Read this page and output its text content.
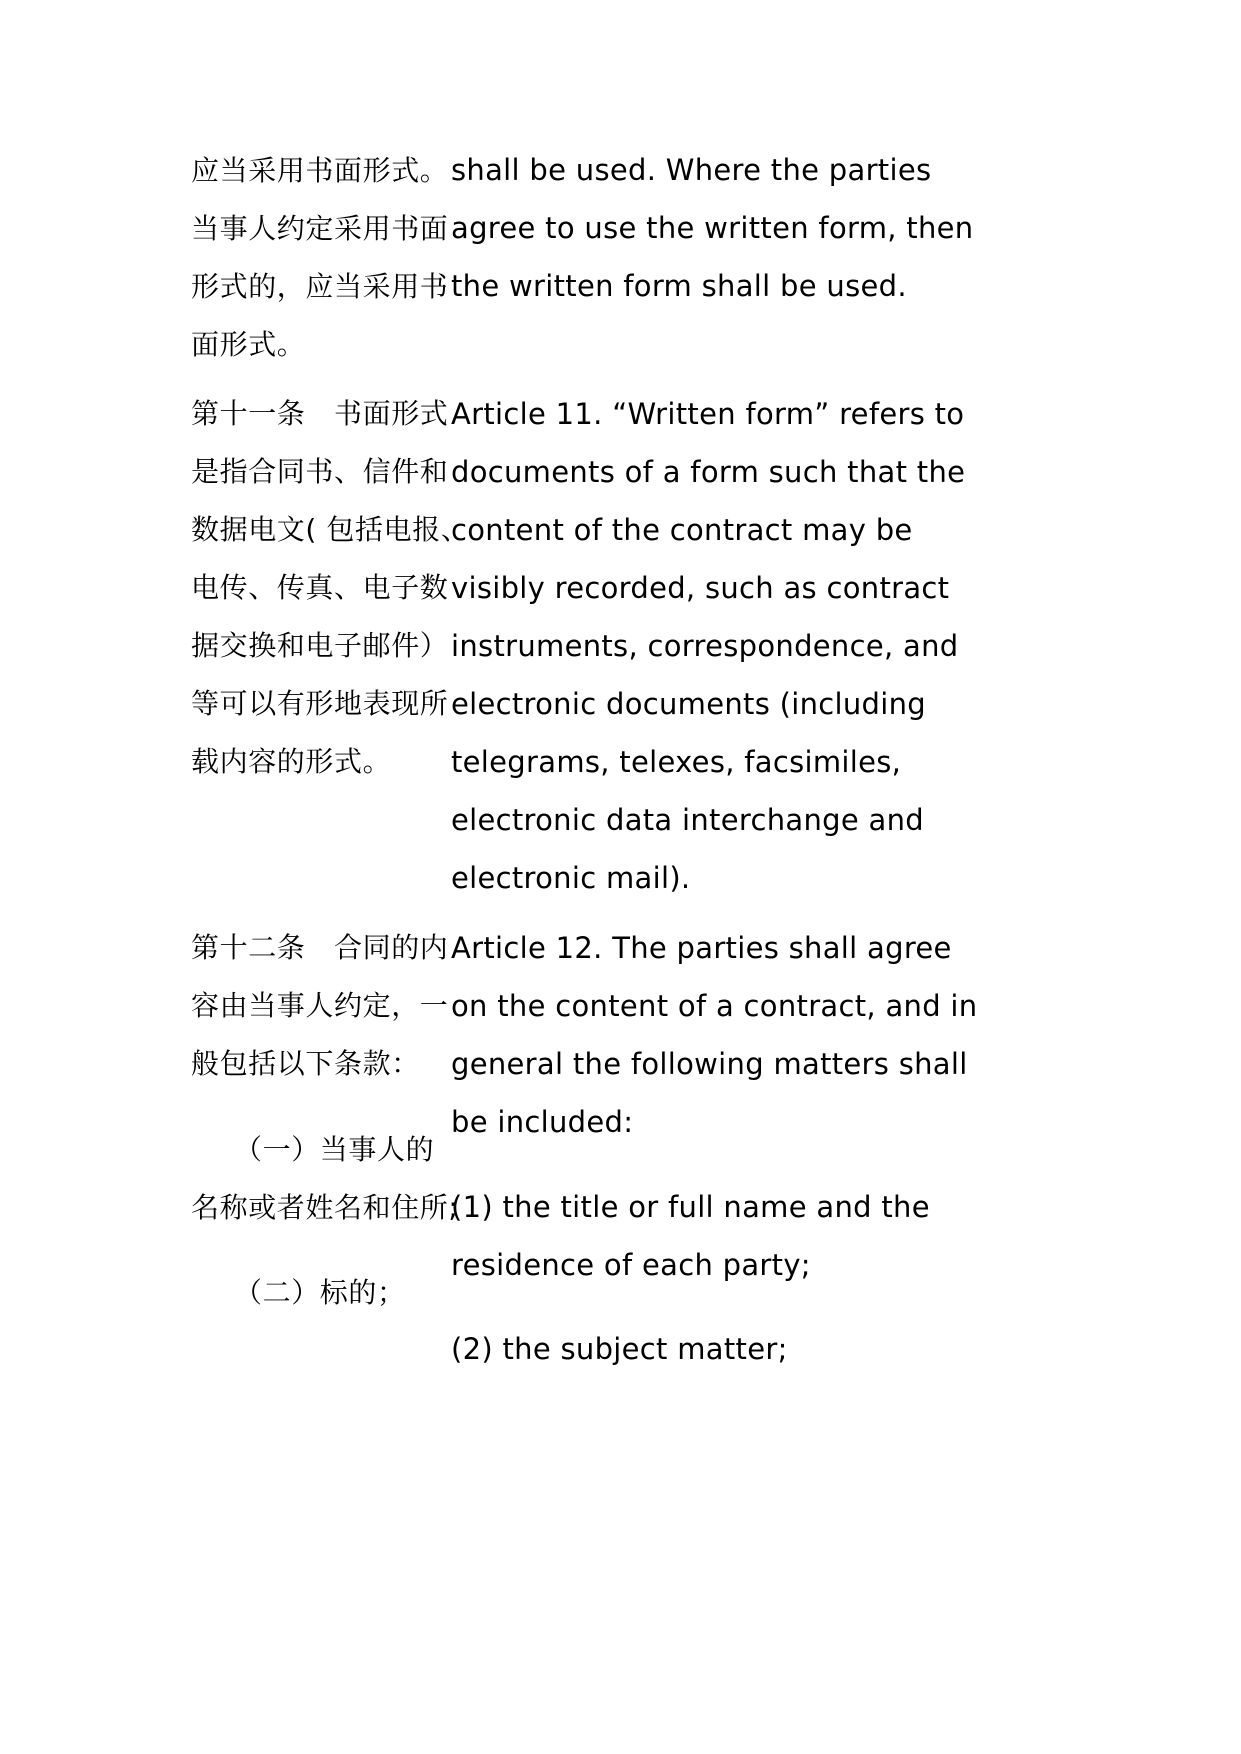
应当采用书面形式。
当事人约定采用书面
形式的，应当采用书
面形式。
第十一条　书面形式
是指合同书、信件和
数据电文( 包括电报、
电传、传真、电子数
据交换和电子邮件）
等可以有形地表现所
载内容的形式。
第十二条　合同的内
容由当事人约定，一
般包括以下条款：
（一）当事人的
名称或者姓名和住所;
（二）标的；
shall be used. Where the parties
agree to use the written form, then
the written form shall be used.
Article 11. “Written form” refers to
documents of a form such that the
content of the contract may be
visibly recorded, such as contract
instruments, correspondence, and
electronic documents (including
telegrams, telexes, facsimiles,
electronic data interchange and
electronic mail).
Article 12. The parties shall agree
on the content of a contract, and in
general the following matters shall
be included:
(1) the title or full name and the
residence of each party;
(2) the subject matter;
